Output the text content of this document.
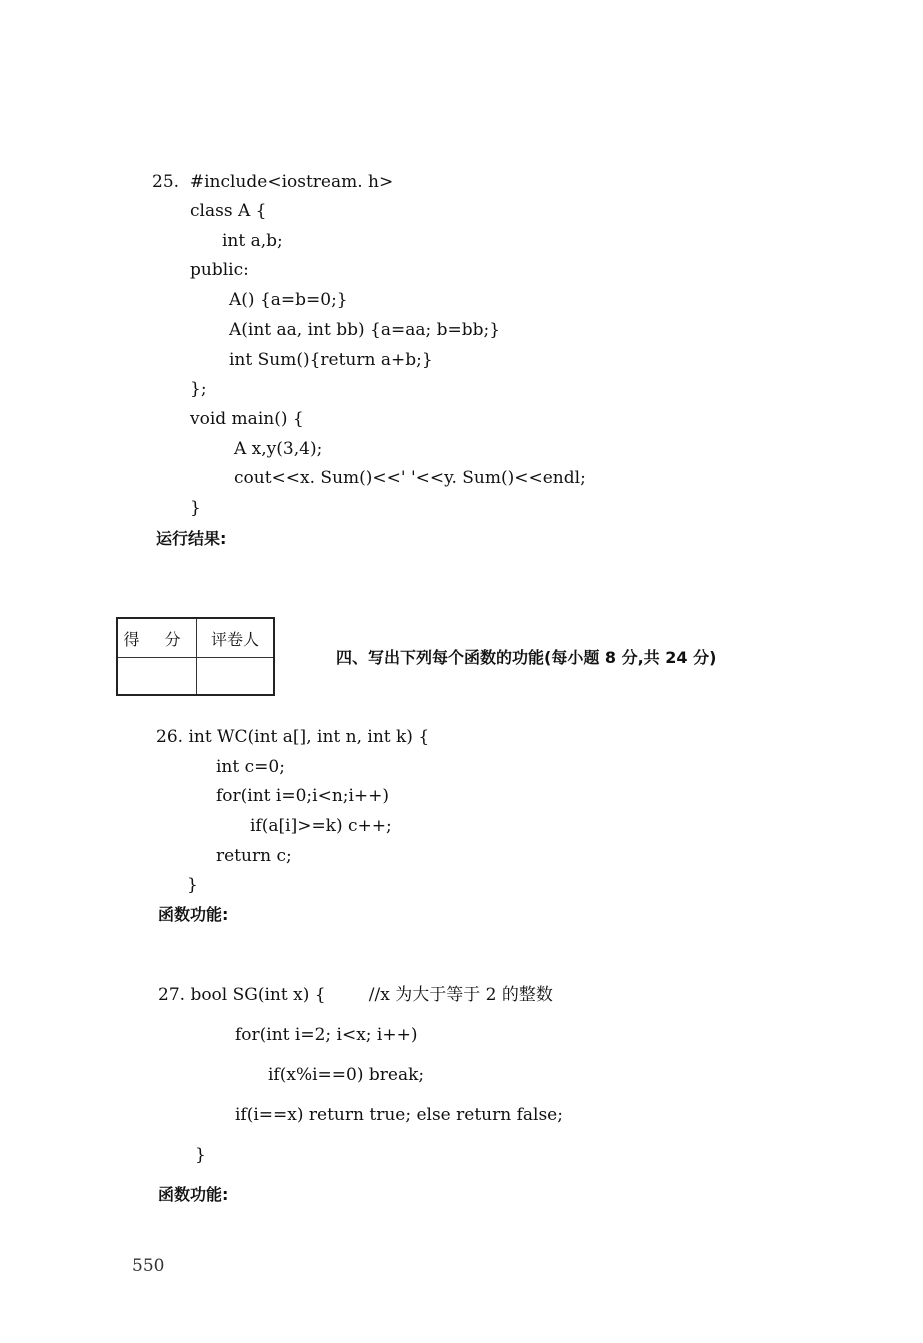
25.  #include<iostream. h>
class A {
int a,b;
public:
A() {a=b=0;}
A(int aa, int bb) {a=aa; b=bb;}
int Sum(){return a+b;}
};
void main() {
A x,y(3,4);
cout<<x. Sum()<<' '<<y. Sum()<<endl;
}
运行结果:
得 分	评卷人

四、写出下列每个函数的功能(每小题 8 分,共 24 分)
26. int WC(int a[], int n, int k) {
int c=0;
for(int i=0;i<n;i++)
if(a[i]>=k) c++;
return c;
}
函数功能:
27. bool SG(int x) {        //x 为大于等于 2 的整数
for(int i=2; i<x; i++)
if(x%i==0) break;
if(i==x) return true; else return false;
}
函数功能:
550
